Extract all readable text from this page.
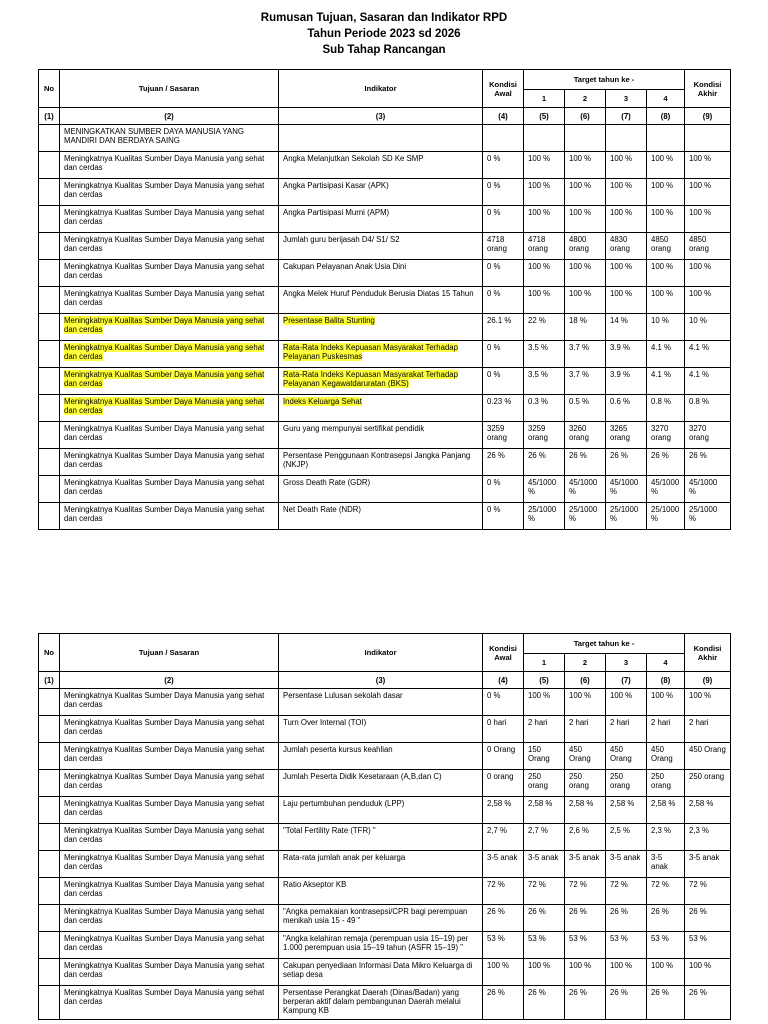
Rumusan Tujuan, Sasaran dan Indikator RPD
Tahun Periode 2023 sd 2026
Sub Tahap Rancangan
No	Tujuan / Sasaran	Indikator	Kondisi Awal	Target tahun ke -				Kondisi Akhir
				1	2	3	4	
(1)	(2)	(3)	(4)	(5)	(6)	(7)	(8)	(9)

	MENINGKATKAN SUMBER DAYA MANUSIA YANG MANDIRI DAN BERDAYA SAING							

	Meningkatnya Kualitas Sumber Daya Manusia yang sehat dan cerdas	Angka Melanjutkan Sekolah SD Ke SMP	0 %	100 %	100 %	100 %	100 %	100 %

	Meningkatnya Kualitas Sumber Daya Manusia yang sehat dan cerdas	Angka Partisipasi Kasar (APK)	0 %	100 %	100 %	100 %	100 %	100 %

	Meningkatnya Kualitas Sumber Daya Manusia yang sehat dan cerdas	Angka Partisipasi Murni (APM)	0 %	100 %	100 %	100 %	100 %	100 %

	Meningkatnya Kualitas Sumber Daya Manusia yang sehat dan cerdas	Jumlah guru berijasah D4/ S1/ S2	4718 orang	4718 orang	4800 orang	4830 orang	4850 orang	4850 orang

	Meningkatnya Kualitas Sumber Daya Manusia yang sehat dan cerdas	Cakupan Pelayanan Anak Usia Dini	0 %	100 %	100 %	100 %	100 %	100 %

	Meningkatnya Kualitas Sumber Daya Manusia yang sehat dan cerdas	Angka Melek Huruf Penduduk Berusia Diatas 15 Tahun	0 %	100 %	100 %	100 %	100 %	100 %

	Meningkatnya Kualitas Sumber Daya Manusia yang sehat dan cerdas	Presentase Balita Stunting	26.1 %	22 %	18 %	14 %	10 %	10 %

	Meningkatnya Kualitas Sumber Daya Manusia yang sehat dan cerdas	Rata-Rata Indeks Kepuasan Masyarakat Terhadap Pelayanan Puskesmas	0 %	3.5 %	3.7 %	3.9 %	4.1 %	4.1 %

	Meningkatnya Kualitas Sumber Daya Manusia yang sehat dan cerdas	Rata-Rata Indeks Kepuasan Masyarakat Terhadap Pelayanan Kegawatdaruratan (BKS)	0 %	3.5 %	3.7 %	3.9 %	4.1 %	4.1 %

	Meningkatnya Kualitas Sumber Daya Manusia yang sehat dan cerdas	Indeks Keluarga Sehat	0.23 %	0.3 %	0.5 %	0.6 %	0.8 %	0.8 %

	Meningkatnya Kualitas Sumber Daya Manusia yang sehat dan cerdas	Guru yang mempunyai sertifikat pendidik	3259 orang	3259 orang	3260 orang	3265 orang	3270 orang	3270 orang

	Meningkatnya Kualitas Sumber Daya Manusia yang sehat dan cerdas	Persentase Penggunaan Kontrasepsi Jangka Panjang (NKJP)	26 %	26 %	26 %	26 %	26 %	26 %

	Meningkatnya Kualitas Sumber Daya Manusia yang sehat dan cerdas	Gross Death Rate (GDR)	0 %	45/1000 %	45/1000 %	45/1000 %	45/1000 %	45/1000 %

	Meningkatnya Kualitas Sumber Daya Manusia yang sehat dan cerdas	Net Death Rate (NDR)	0 %	25/1000 %	25/1000 %	25/1000 %	25/1000 %	25/1000 %
No	Tujuan / Sasaran	Indikator	Kondisi Awal	Target tahun ke -				Kondisi Akhir
				1	2	3	4	
(1)	(2)	(3)	(4)	(5)	(6)	(7)	(8)	(9)

	Meningkatnya Kualitas Sumber Daya Manusia yang sehat dan cerdas	Persentase Lulusan sekolah dasar	0 %	100 %	100 %	100 %	100 %	100 %

	Meningkatnya Kualitas Sumber Daya Manusia yang sehat dan cerdas	Turn Over Internal (TOI)	0 hari	2 hari	2 hari	2 hari	2 hari	2 hari

	Meningkatnya Kualitas Sumber Daya Manusia yang sehat dan cerdas	Jumlah peserta kursus keahlian	0 Orang	150 Orang	450 Orang	450 Orang	450 Orang	450 Orang

	Meningkatnya Kualitas Sumber Daya Manusia yang sehat dan cerdas	Jumlah Peserta Didik Kesetaraan (A,B,dan C)	0 orang	250 orang	250 orang	250 orang	250 orang	250 orang

	Meningkatnya Kualitas Sumber Daya Manusia yang sehat dan cerdas	Laju pertumbuhan penduduk (LPP)	2,58 %	2,58 %	2,58 %	2,58 %	2,58 %	2,58 %

	Meningkatnya Kualitas Sumber Daya Manusia yang sehat dan cerdas	"Total Fertility Rate (TFR) "	2,7 %	2,7 %	2,6 %	2,5 %	2,3 %	2,3 %

	Meningkatnya Kualitas Sumber Daya Manusia yang sehat dan cerdas	Rata-rata jumlah anak per keluarga	3-5 anak	3-5 anak	3-5 anak	3-5 anak	3-5 anak	3-5 anak

	Meningkatnya Kualitas Sumber Daya Manusia yang sehat dan cerdas	Ratio Akseptor KB	72 %	72 %	72 %	72 %	72 %	72 %

	Meningkatnya Kualitas Sumber Daya Manusia yang sehat dan cerdas	"Angka pemakaian kontrasepsi/CPR bagi perempuan menikah usia 15 - 49 "	26 %	26 %	26 %	26 %	26 %	26 %

	Meningkatnya Kualitas Sumber Daya Manusia yang sehat dan cerdas	"Angka kelahiran remaja (perempuan usia 15–19) per 1.000 perempuan usia 15–19 tahun (ASFR 15–19) "	53 %	53 %	53 %	53 %	53 %	53 %

	Meningkatnya Kualitas Sumber Daya Manusia yang sehat dan cerdas	Cakupan penyediaan Informasi Data Mikro Keluarga di setiap desa	100 %	100 %	100 %	100 %	100 %	100 %

	Meningkatnya Kualitas Sumber Daya Manusia yang sehat dan cerdas	Persentase Perangkat Daerah (Dinas/Badan) yang berperan aktif dalam pembangunan Daerah melalui Kampung KB	26 %	26 %	26 %	26 %	26 %	26 %
